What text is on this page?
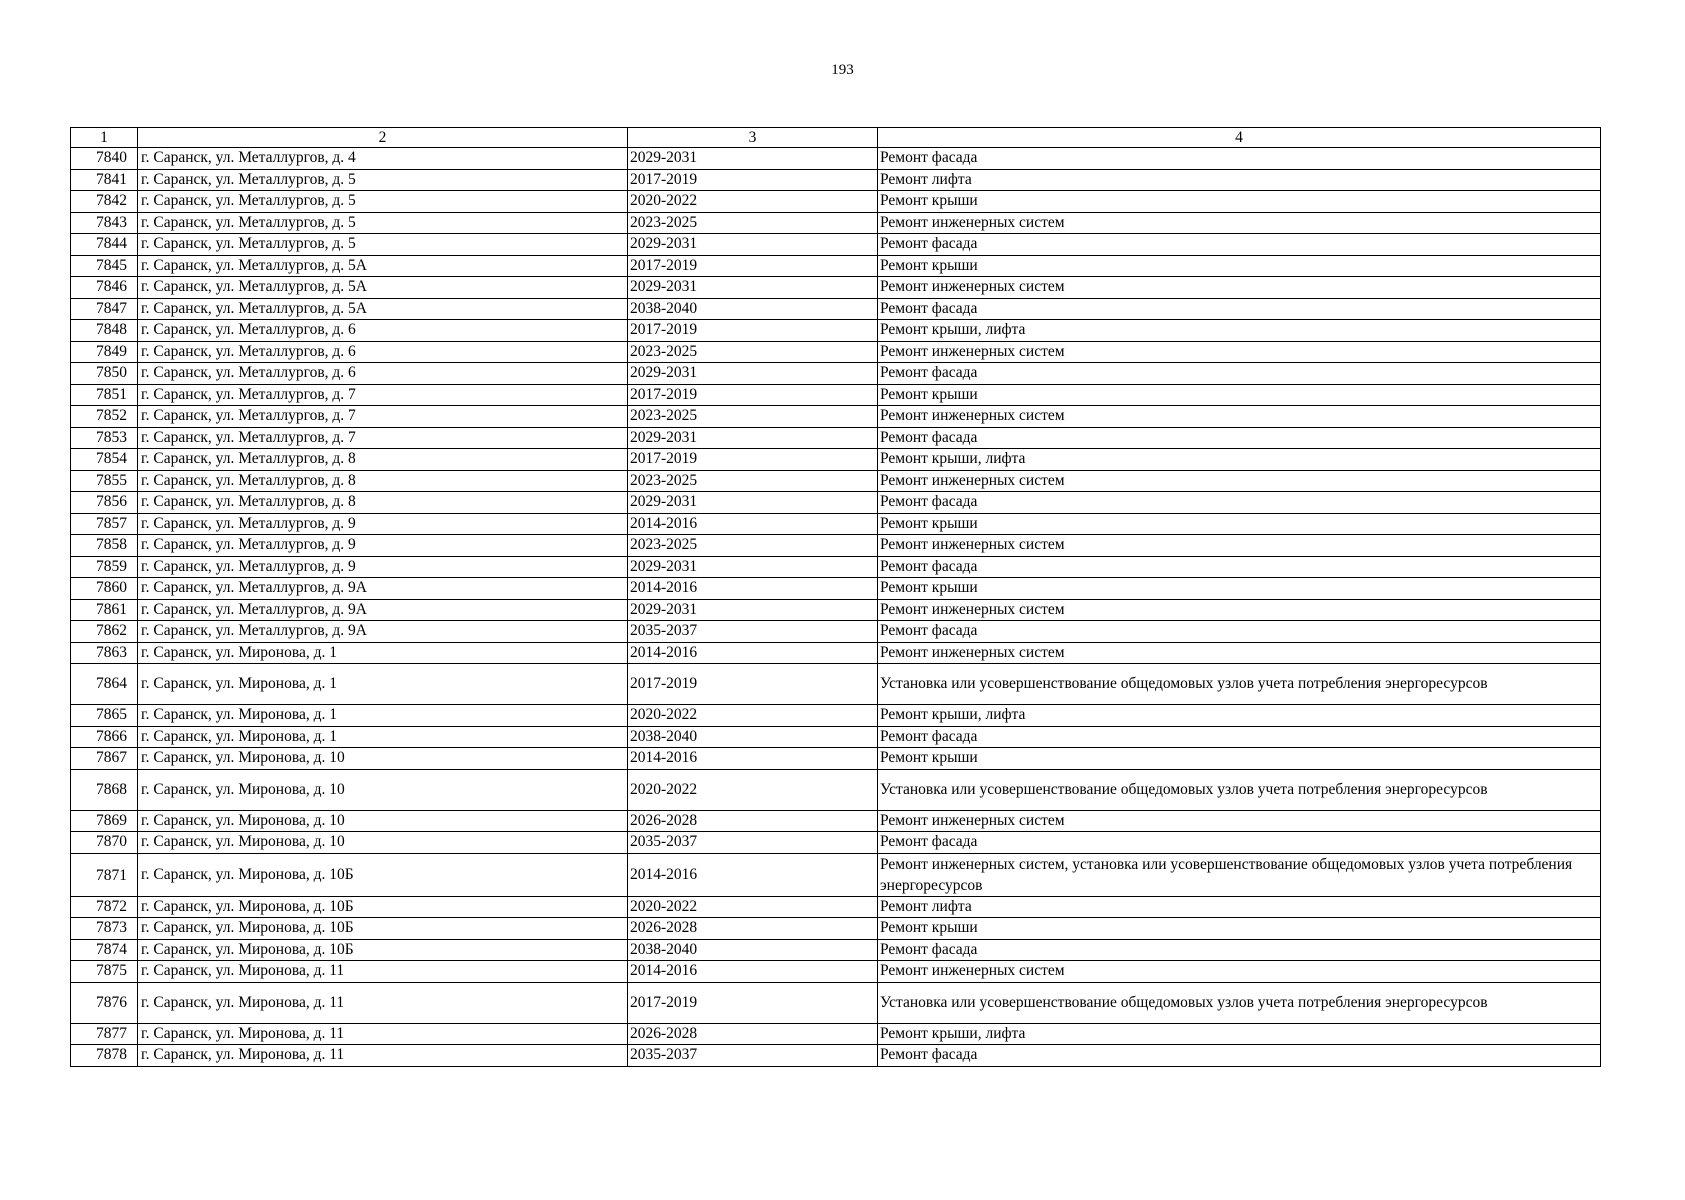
193
1	2	3	4
7840	г. Саранск, ул. Металлургов, д. 4	2029-2031	Ремонт фасада
7841	г. Саранск, ул. Металлургов, д. 5	2017-2019	Ремонт лифта
7842	г. Саранск, ул. Металлургов, д. 5	2020-2022	Ремонт крыши
7843	г. Саранск, ул. Металлургов, д. 5	2023-2025	Ремонт инженерных систем
7844	г. Саранск, ул. Металлургов, д. 5	2029-2031	Ремонт фасада
7845	г. Саранск, ул. Металлургов, д. 5А	2017-2019	Ремонт крыши
7846	г. Саранск, ул. Металлургов, д. 5А	2029-2031	Ремонт инженерных систем
7847	г. Саранск, ул. Металлургов, д. 5А	2038-2040	Ремонт фасада
7848	г. Саранск, ул. Металлургов, д. 6	2017-2019	Ремонт крыши, лифта
7849	г. Саранск, ул. Металлургов, д. 6	2023-2025	Ремонт инженерных систем
7850	г. Саранск, ул. Металлургов, д. 6	2029-2031	Ремонт фасада
7851	г. Саранск, ул. Металлургов, д. 7	2017-2019	Ремонт крыши
7852	г. Саранск, ул. Металлургов, д. 7	2023-2025	Ремонт инженерных систем
7853	г. Саранск, ул. Металлургов, д. 7	2029-2031	Ремонт фасада
7854	г. Саранск, ул. Металлургов, д. 8	2017-2019	Ремонт крыши, лифта
7855	г. Саранск, ул. Металлургов, д. 8	2023-2025	Ремонт инженерных систем
7856	г. Саранск, ул. Металлургов, д. 8	2029-2031	Ремонт фасада
7857	г. Саранск, ул. Металлургов, д. 9	2014-2016	Ремонт крыши
7858	г. Саранск, ул. Металлургов, д. 9	2023-2025	Ремонт инженерных систем
7859	г. Саранск, ул. Металлургов, д. 9	2029-2031	Ремонт фасада
7860	г. Саранск, ул. Металлургов, д. 9А	2014-2016	Ремонт крыши
7861	г. Саранск, ул. Металлургов, д. 9А	2029-2031	Ремонт инженерных систем
7862	г. Саранск, ул. Металлургов, д. 9А	2035-2037	Ремонт фасада
7863	г. Саранск, ул. Миронова, д. 1	2014-2016	Ремонт инженерных систем
7864	г. Саранск, ул. Миронова, д. 1	2017-2019	Установка или усовершенствование общедомовых узлов учета потребления энергоресурсов
7865	г. Саранск, ул. Миронова, д. 1	2020-2022	Ремонт крыши, лифта
7866	г. Саранск, ул. Миронова, д. 1	2038-2040	Ремонт фасада
7867	г. Саранск, ул. Миронова, д. 10	2014-2016	Ремонт крыши
7868	г. Саранск, ул. Миронова, д. 10	2020-2022	Установка или усовершенствование общедомовых узлов учета потребления энергоресурсов
7869	г. Саранск, ул. Миронова, д. 10	2026-2028	Ремонт инженерных систем
7870	г. Саранск, ул. Миронова, д. 10	2035-2037	Ремонт фасада
7871	г. Саранск, ул. Миронова, д. 10Б	2014-2016	Ремонт инженерных систем, установка или усовершенствование общедомовых узлов учета потребления энергоресурсов
7872	г. Саранск, ул. Миронова, д. 10Б	2020-2022	Ремонт лифта
7873	г. Саранск, ул. Миронова, д. 10Б	2026-2028	Ремонт крыши
7874	г. Саранск, ул. Миронова, д. 10Б	2038-2040	Ремонт фасада
7875	г. Саранск, ул. Миронова, д. 11	2014-2016	Ремонт инженерных систем
7876	г. Саранск, ул. Миронова, д. 11	2017-2019	Установка или усовершенствование общедомовых узлов учета потребления энергоресурсов
7877	г. Саранск, ул. Миронова, д. 11	2026-2028	Ремонт крыши, лифта
7878	г. Саранск, ул. Миронова, д. 11	2035-2037	Ремонт фасада
